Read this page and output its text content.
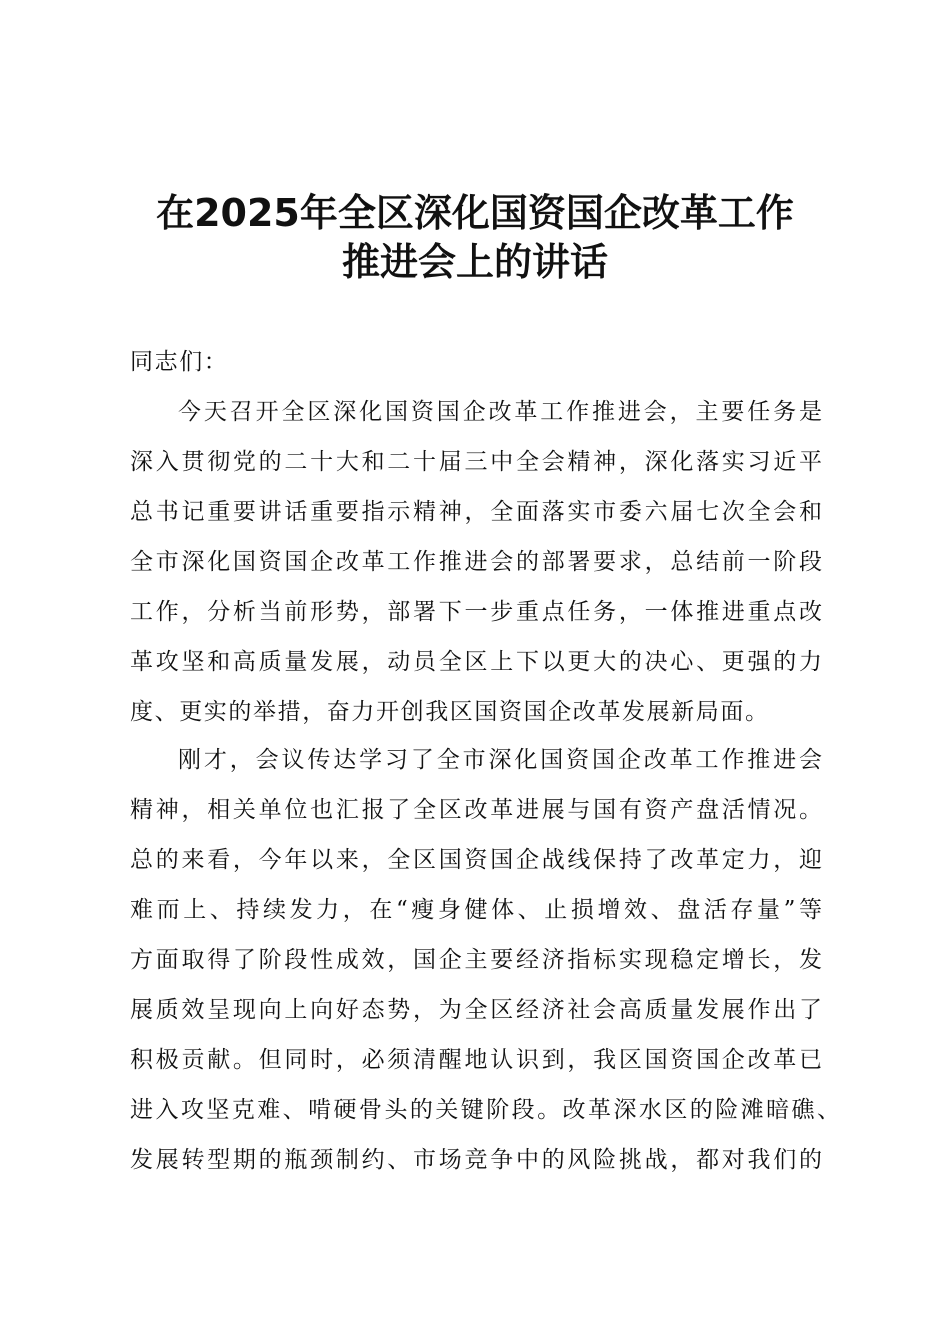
在2025年全区深化国资国企改革工作
推进会上的讲话
同志们：
今天召开全区深化国资国企改革工作推进会，主要任务是
深入贯彻党的二十大和二十届三中全会精神，深化落实习近平
总书记重要讲话重要指示精神，全面落实市委六届七次全会和
全市深化国资国企改革工作推进会的部署要求，总结前一阶段
工作，分析当前形势，部署下一步重点任务，一体推进重点改
革攻坚和高质量发展，动员全区上下以更大的决心、更强的力
度、更实的举措，奋力开创我区国资国企改革发展新局面。
刚才，会议传达学习了全市深化国资国企改革工作推进会
精神，相关单位也汇报了全区改革进展与国有资产盘活情况。
总的来看，今年以来，全区国资国企战线保持了改革定力，迎
难而上、持续发力，在“瘦身健体、止损增效、盘活存量”等
方面取得了阶段性成效，国企主要经济指标实现稳定增长，发
展质效呈现向上向好态势，为全区经济社会高质量发展作出了
积极贡献。但同时，必须清醒地认识到，我区国资国企改革已
进入攻坚克难、啃硬骨头的关键阶段。改革深水区的险滩暗礁、
发展转型期的瓶颈制约、市场竞争中的风险挑战，都对我们的
